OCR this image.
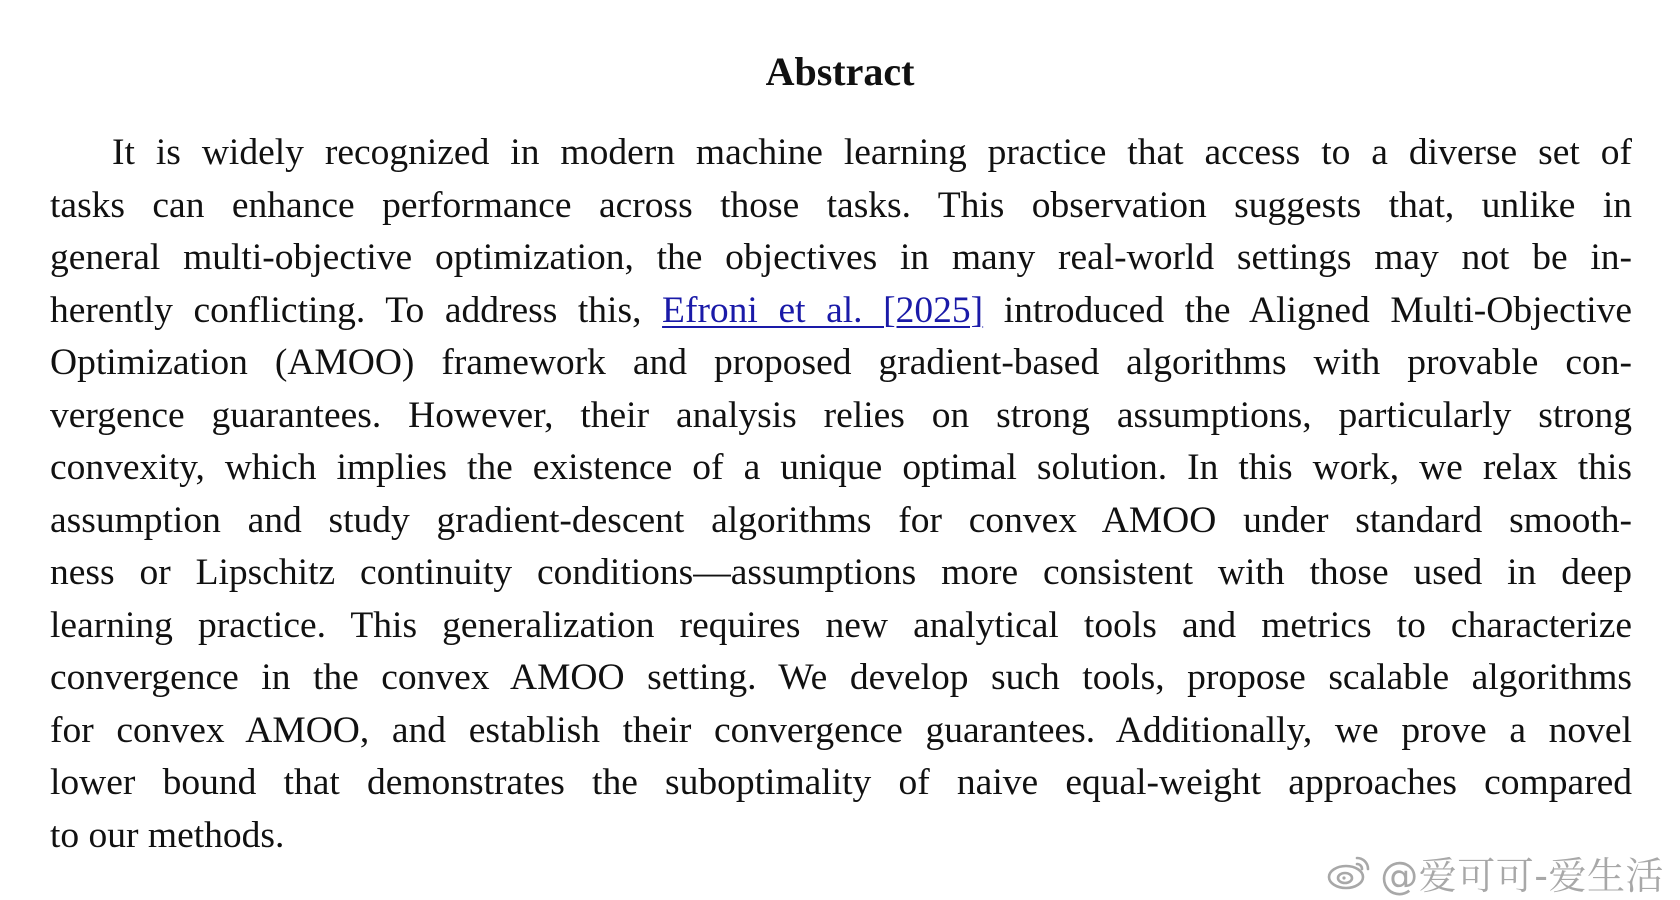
Abstract
It is widely recognized in modern machine learning practice that access to a diverse set of
tasks can enhance performance across those tasks. This observation suggests that, unlike in
general multi-objective optimization, the objectives in many real-world settings may not be in-
herently conflicting. To address this, Efroni et al. [2025] introduced the Aligned Multi-Objective
Optimization (AMOO) framework and proposed gradient-based algorithms with provable con-
vergence guarantees. However, their analysis relies on strong assumptions, particularly strong
convexity, which implies the existence of a unique optimal solution. In this work, we relax this
assumption and study gradient-descent algorithms for convex AMOO under standard smooth-
ness or Lipschitz continuity conditions—assumptions more consistent with those used in deep
learning practice. This generalization requires new analytical tools and metrics to characterize
convergence in the convex AMOO setting. We develop such tools, propose scalable algorithms
for convex AMOO, and establish their convergence guarantees. Additionally, we prove a novel
lower bound that demonstrates the suboptimality of naive equal-weight approaches compared
to our methods.
@爱可可-爱生活
